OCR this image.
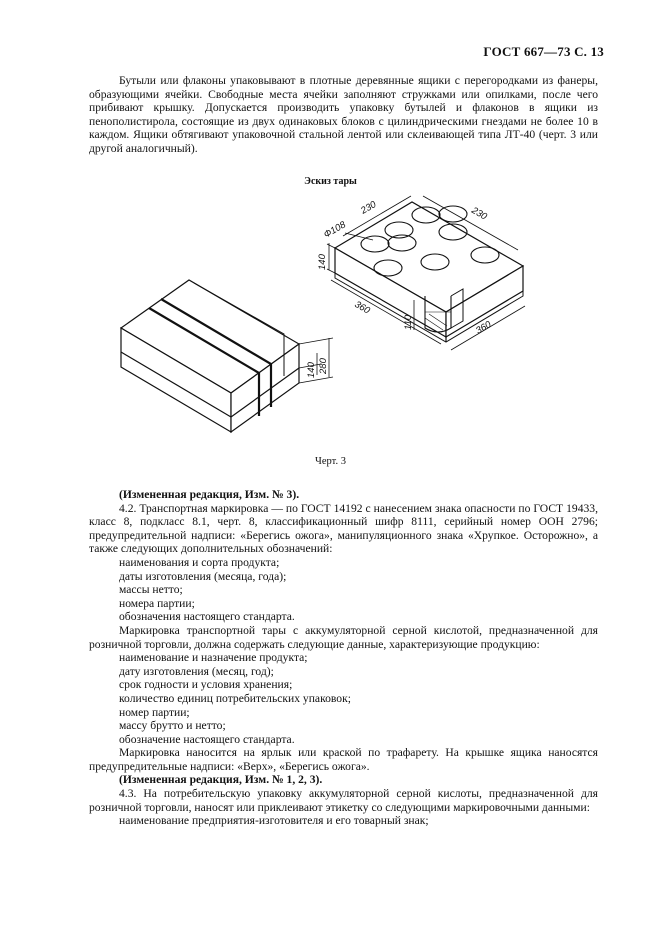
ГОСТ 667—73 С. 13

Бутыли или флаконы упаковывают в плотные деревянные ящики с перегородками из фанеры, образующими ячейки. Свободные места ячейки заполняют стружками или опилками, после чего прибивают крышку. Допускается производить упаковку бутылей и флаконов в ящики из пенополистирола, состоящие из двух одинаковых блоков с цилиндрическими гнездами не более 10 в каждом. Ящики обтягивают упаковочной стальной лентой или склеивающей типа ЛТ-40 (черт. 3 или другой аналогичный).

Эскиз тары
Ф108
230	230
140
110
360
360
280
140
Черт. 3

(Измененная редакция, Изм. № 3).

4.2. Транспортная маркировка — по ГОСТ 14192 с нанесением знака опасности по ГОСТ 19433, класс 8, подкласс 8.1, черт. 8, классификационный шифр 8111, серийный номер ООН 2796; предупредительной надписи: «Берегись ожога», манипуляционного знака «Хрупкое. Осторожно», а также следующих дополнительных обозначений:

наименования и сорта продукта;

даты изготовления (месяца, года);

массы нетто;

номера партии;

обозначения настоящего стандарта.

Маркировка транспортной тары с аккумуляторной серной кислотой, предназначенной для розничной торговли, должна содержать следующие данные, характеризующие продукцию:

наименование и назначение продукта;

дату изготовления (месяц, год);

срок годности и условия хранения;

количество единиц потребительских упаковок;

номер партии;

массу брутто и нетто;

обозначение настоящего стандарта.

Маркировка наносится на ярлык или краской по трафарету. На крышке ящика наносятся предупредительные надписи: «Верх», «Берегись ожога».

(Измененная редакция, Изм. № 1, 2, 3).

4.3. На потребительскую упаковку аккумуляторной серной кислоты, предназначенной для розничной торговли, наносят или приклеивают этикетку со следующими маркировочными данными:

наименование предприятия-изготовителя и его товарный знак;
